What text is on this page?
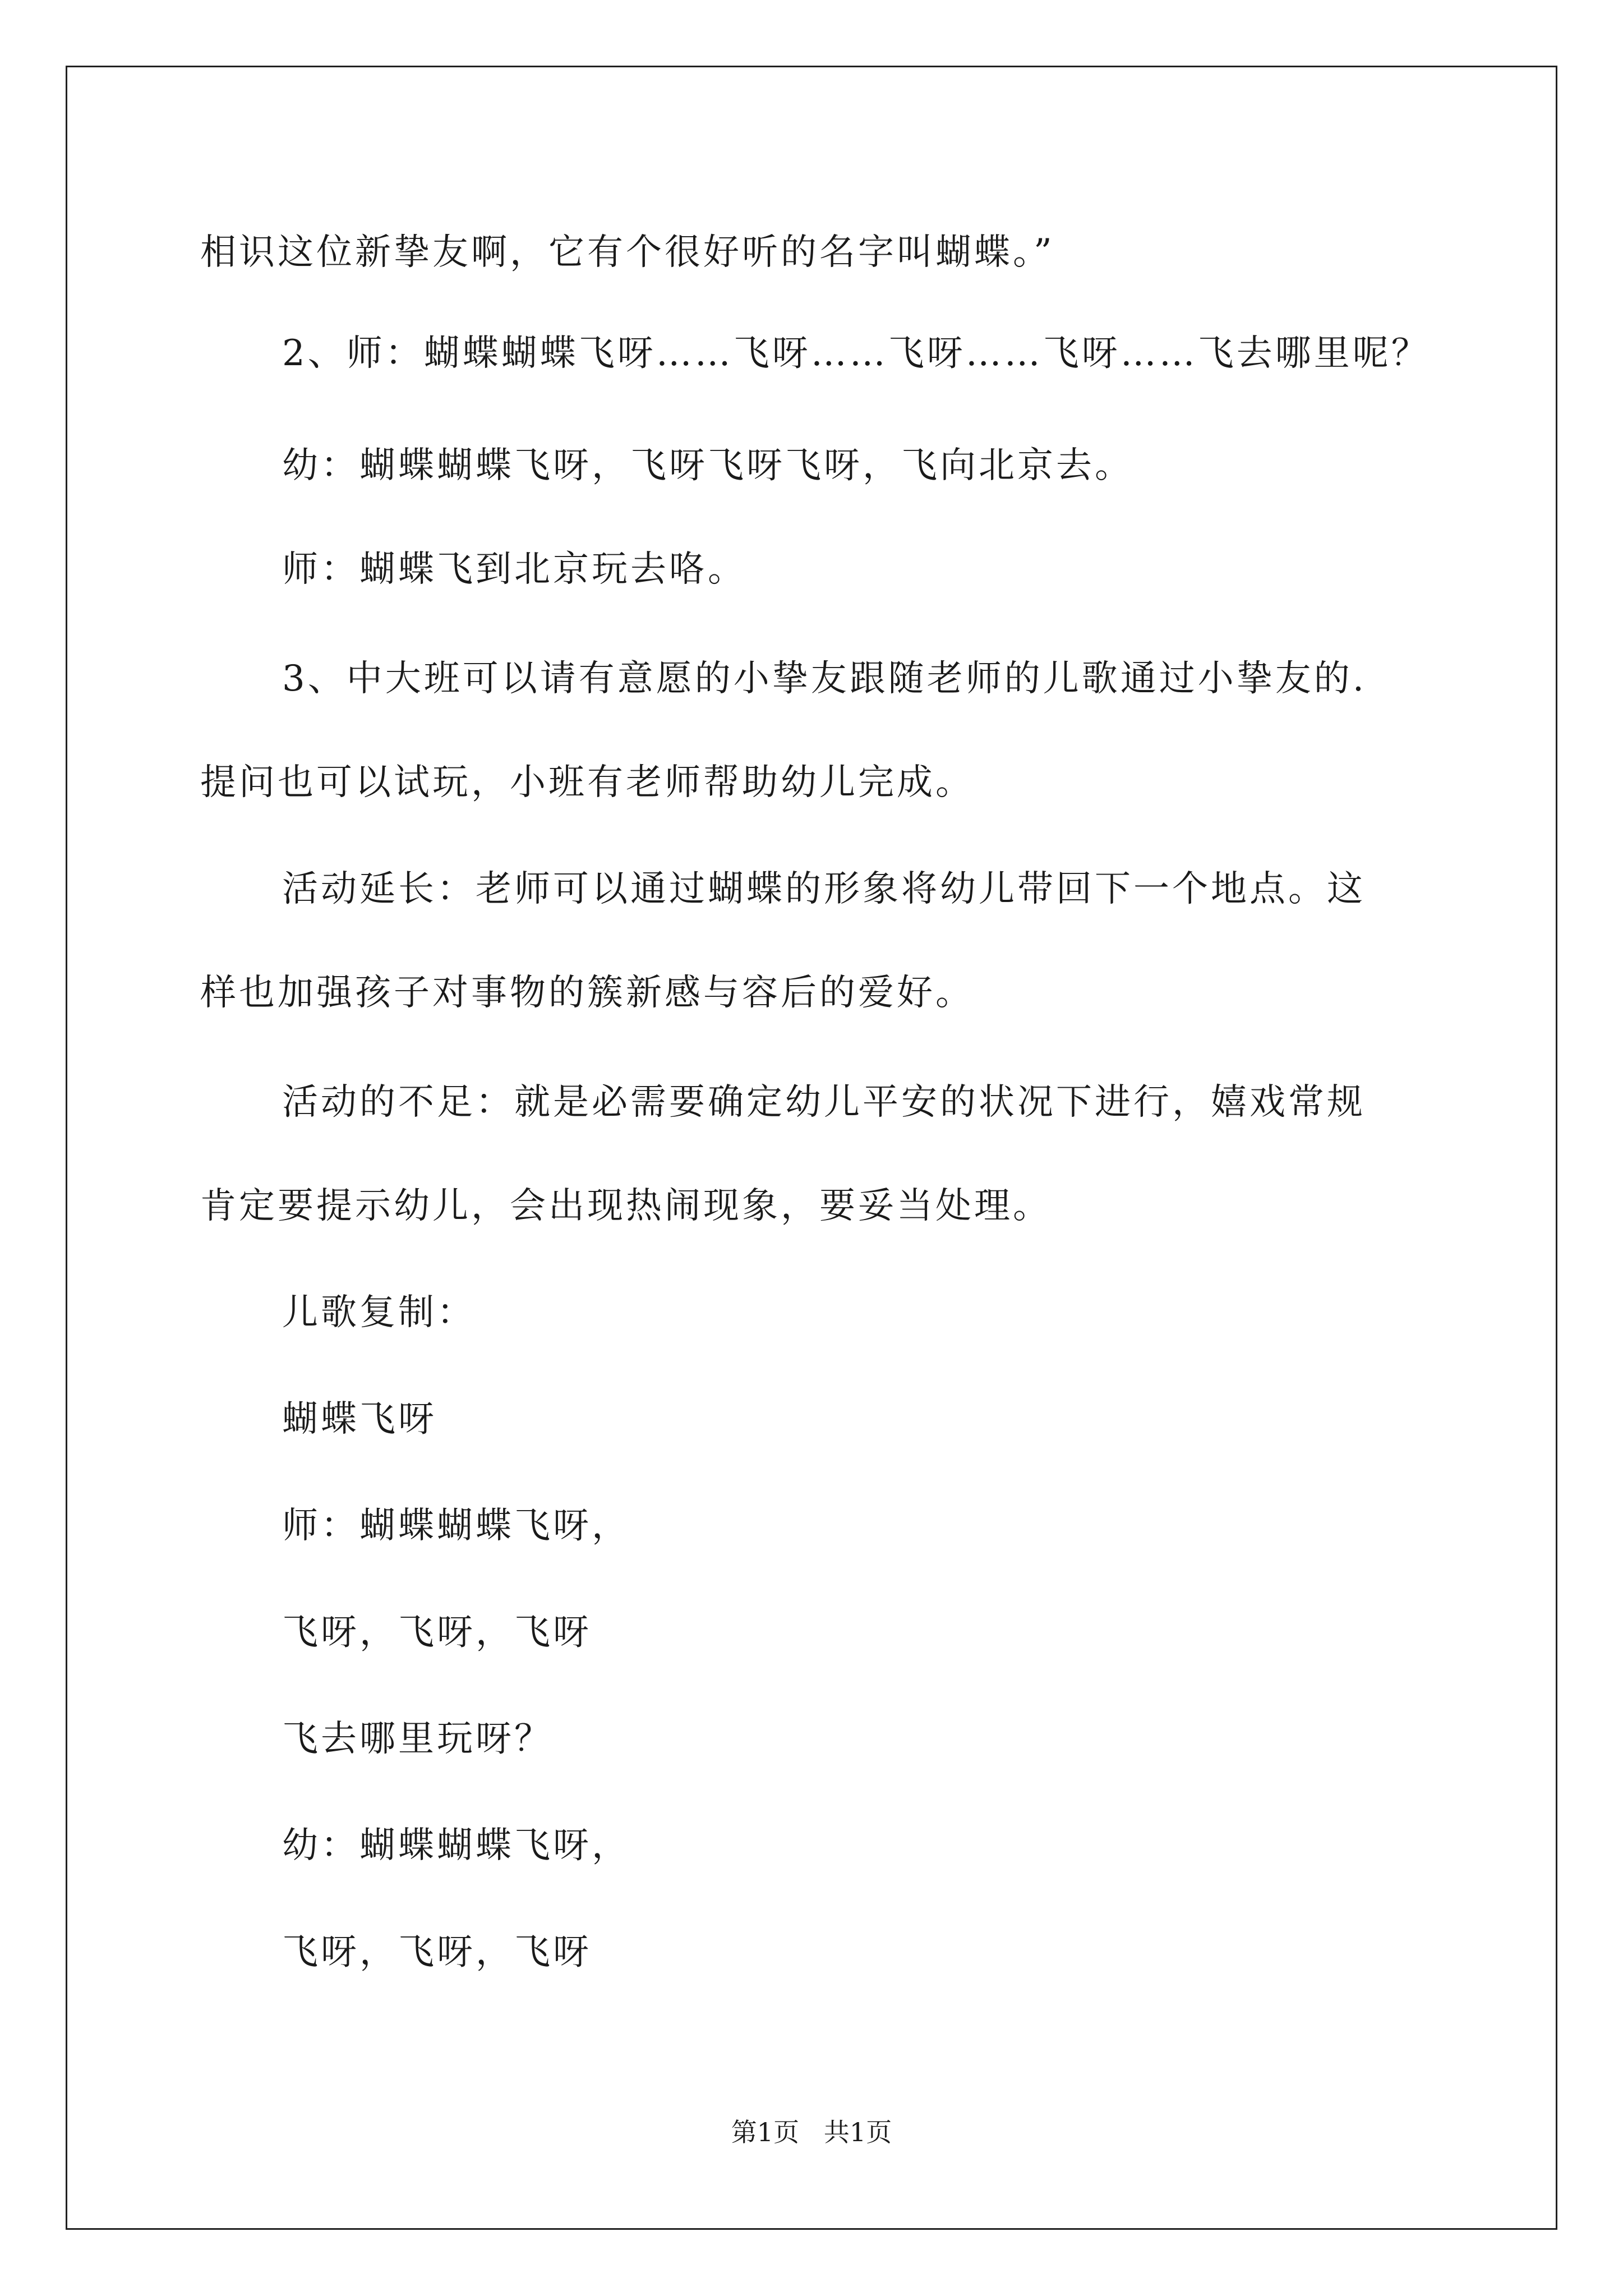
相识这位新挚友啊，它有个很好听的名字叫蝴蝶。”
2、师：蝴蝶蝴蝶飞呀……飞呀……飞呀……飞呀……飞去哪里呢？
幼：蝴蝶蝴蝶飞呀，飞呀飞呀飞呀，飞向北京去。
师：蝴蝶飞到北京玩去咯。
3、中大班可以请有意愿的小挚友跟随老师的儿歌通过小挚友的.
提问也可以试玩，小班有老师帮助幼儿完成。
活动延长：老师可以通过蝴蝶的形象将幼儿带回下一个地点。这
样也加强孩子对事物的簇新感与容后的爱好。
活动的不足：就是必需要确定幼儿平安的状况下进行，嬉戏常规
肯定要提示幼儿，会出现热闹现象，要妥当处理。
儿歌复制：
蝴蝶飞呀
师：蝴蝶蝴蝶飞呀，
飞呀，飞呀，飞呀
飞去哪里玩呀？
幼：蝴蝶蝴蝶飞呀，
飞呀，飞呀，飞呀
第1页   共1页
